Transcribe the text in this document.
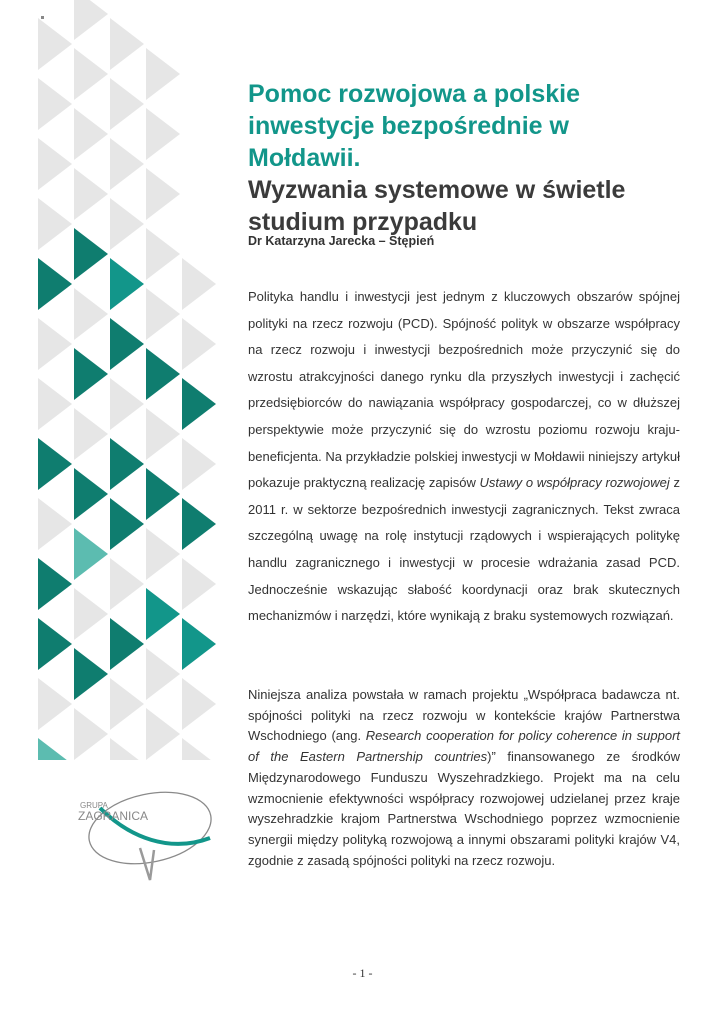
Pomoc rozwojowa a polskie
inwestycje bezpośrednie w Mołdawii.
Wyzwania systemowe w świetle
studium przypadku
Dr Katarzyna Jarecka – Stępień

Polityka handlu i inwestycji jest jednym z kluczowych obszarów spójnej polityki na rzecz rozwoju (PCD). Spójność polityk w obszarze współpracy na rzecz rozwoju i inwestycji bezpośrednich może przyczynić się do wzrostu atrakcyjności danego rynku dla przyszłych inwestycji i zachęcić przedsiębiorców do nawiązania współpracy gospodarczej, co w dłuższej perspektywie może przyczynić się do wzrostu poziomu rozwoju kraju-beneficjenta. Na przykładzie polskiej inwestycji w Mołdawii niniejszy artykuł pokazuje praktyczną realizację zapisów Ustawy o współpracy rozwojowej z 2011 r. w sektorze bezpośrednich inwestycji zagranicznych. Tekst zwraca szczególną uwagę na rolę instytucji rządowych i wspierających politykę handlu zagranicznego i inwestycji w procesie wdrażania zasad PCD. Jednocześnie wskazując słabość koordynacji oraz brak skutecznych mechanizmów i narzędzi, które wynikają z braku systemowych rozwiązań.

Niniejsza analiza powstała w ramach projektu „Współpraca badawcza nt. spójności polityki na rzecz rozwoju w kontekście krajów Partnerstwa Wschodniego (ang. Research cooperation for policy coherence in support of the Eastern Partnership countries)” finansowanego ze środków Międzynarodowego Funduszu Wyszehradzkiego. Projekt ma na celu wzmocnienie efektywności współpracy rozwojowej udzielanej przez kraje wyszehradzkie krajom Partnerstwa Wschodniego poprzez wzmocnienie synergii między polityką rozwojową a innymi obszarami polityki krajów V4, zgodnie z zasadą spójności polityki na rzecz rozwoju.

GRUPA
ZAGRANICA
- 1 -
